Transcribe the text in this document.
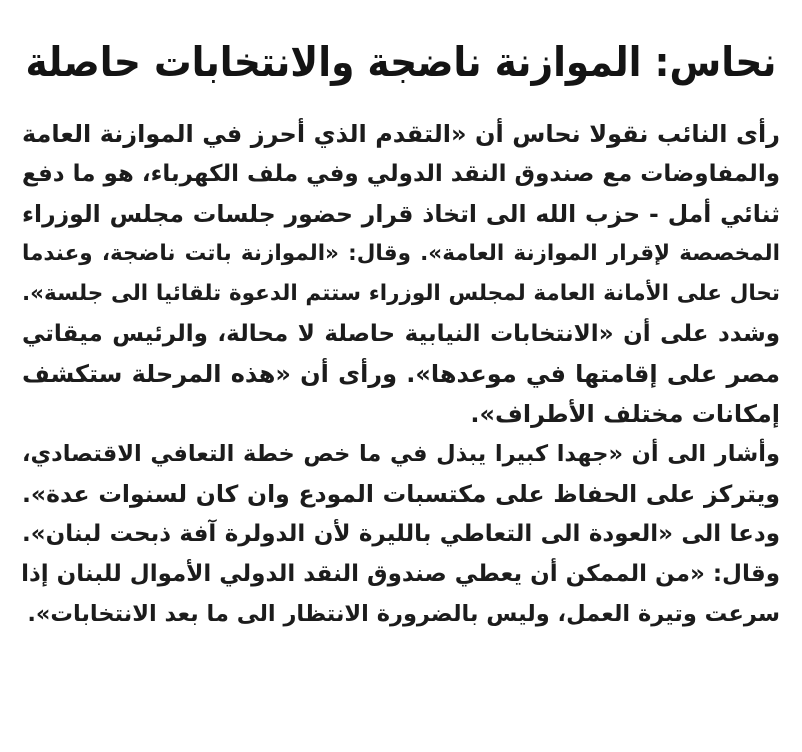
نحاس: الموازنة ناضجة والانتخابات حاصلة
رأى النائب نقولا نحاس أن «التقدم الذي أحرز في الموازنة العامة
والمفاوضات مع صندوق النقد الدولي وفي ملف الكهرباء، هو ما دفع
ثنائي أمل - حزب الله الى اتخاذ قرار حضور جلسات مجلس الوزراء
المخصصة لإقرار الموازنة العامة». وقال: «الموازنة باتت ناضجة، وعندما
تحال على الأمانة العامة لمجلس الوزراء ستتم الدعوة تلقائيا الى جلسة».
وشدد على أن «الانتخابات النيابية حاصلة لا محالة، والرئيس ميقاتي
مصر على إقامتها في موعدها». ورأى أن «هذه المرحلة ستكشف
إمكانات مختلف الأطراف».
وأشار الى أن «جهدا كبيرا يبذل في ما خص خطة التعافي الاقتصادي،
ويتركز على الحفاظ على مكتسبات المودع وان كان لسنوات عدة».
ودعا الى «العودة الى التعاطي بالليرة لأن الدولرة آفة ذبحت لبنان».
وقال: «من الممكن أن يعطي صندوق النقد الدولي الأموال للبنان إذا
سرعت وتيرة العمل، وليس بالضرورة الانتظار الى ما بعد الانتخابات».
